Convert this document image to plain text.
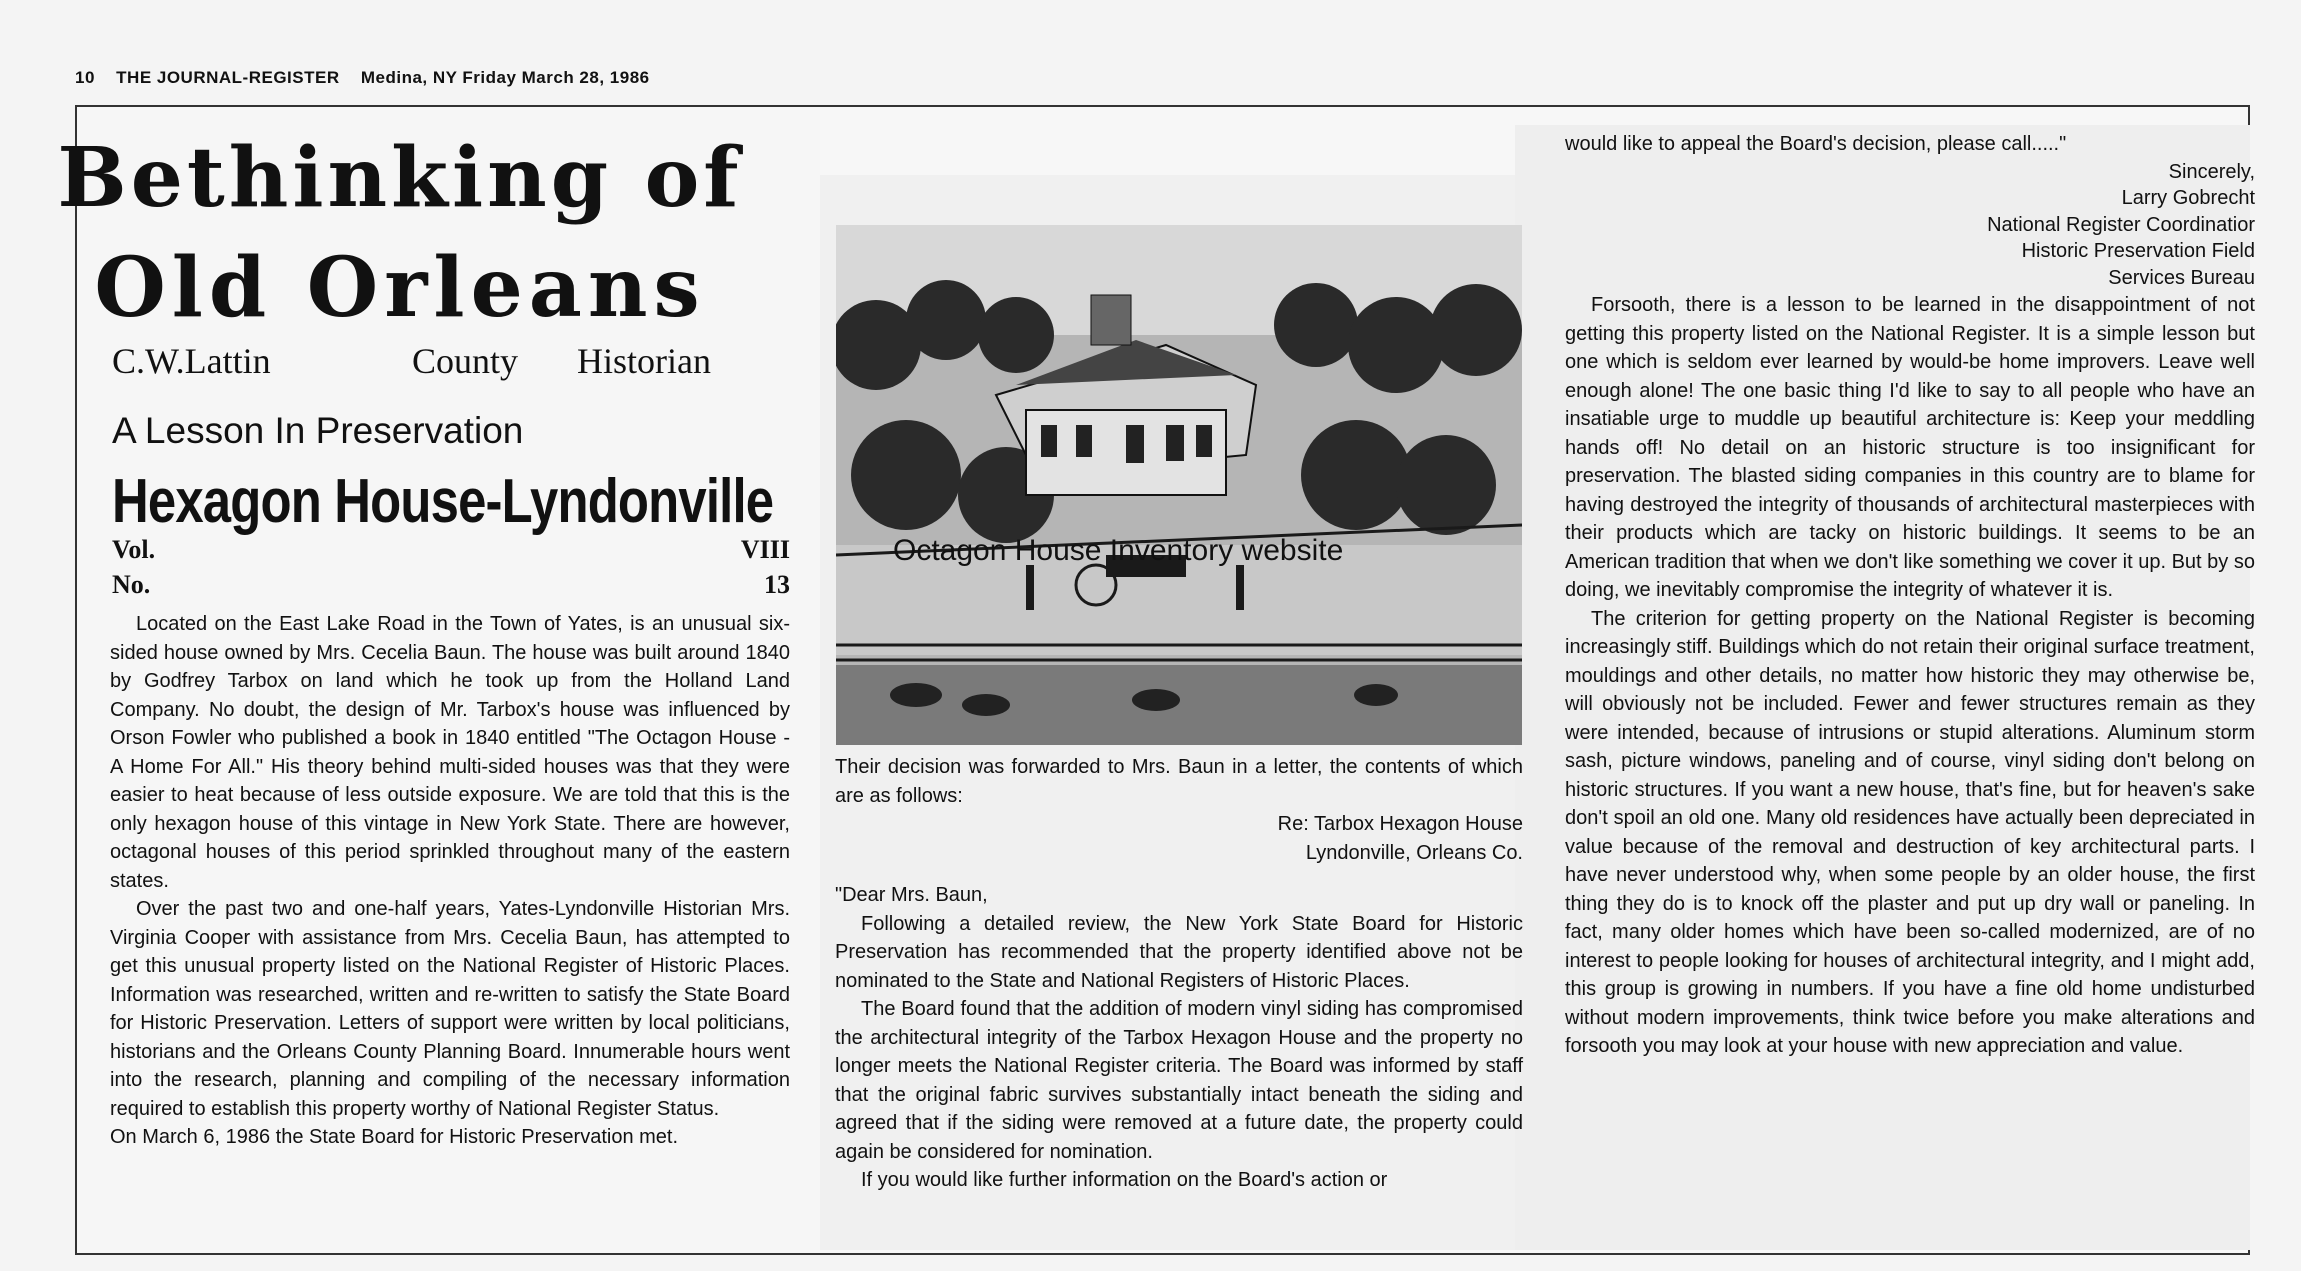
10 THE JOURNAL-REGISTER Medina, NY Friday March 28, 1986
Bethinking of
Old Orleans
C.W.Lattin	County Historian
A Lesson In Preservation
Hexagon House-Lyndonville
Vol.	VIII
No.	13

Located on the East Lake Road in the Town of Yates, is an unusual six-sided house owned by Mrs. Cecelia Baun. The house was built around 1840 by Godfrey Tarbox on land which he took up from the Holland Land Company. No doubt, the design of Mr. Tarbox's house was influenced by Orson Fowler who published a book in 1840 entitled "The Octagon House - A Home For All." His theory behind multi-sided houses was that they were easier to heat because of less outside exposure. We are told that this is the only hexagon house of this vintage in New York State. There are however, octagonal houses of this period sprinkled throughout many of the eastern states.

Over the past two and one-half years, Yates-Lyndonville Historian Mrs. Virginia Cooper with assistance from Mrs. Cecelia Baun, has attempted to get this unusual property listed on the National Register of Historic Places. Information was researched, written and re-written to satisfy the State Board for Historic Preservation. Letters of support were written by local politicians, historians and the Orleans County Planning Board. Innumerable hours went into the research, planning and compiling of the necessary information required to establish this property worthy of National Register Status.

On March 6, 1986 the State Board for Historic Preservation met.

Octagon House Inventory website

Their decision was forwarded to Mrs. Baun in a letter, the contents of which are as follows:

Re: Tarbox Hexagon House

Lyndonville, Orleans Co.

"Dear Mrs. Baun,

Following a detailed review, the New York State Board for Historic Preservation has recommended that the property identified above not be nominated to the State and National Registers of Historic Places.

The Board found that the addition of modern vinyl siding has compromised the architectural integrity of the Tarbox Hexagon House and the property no longer meets the National Register criteria. The Board was informed by staff that the original fabric survives substantially intact beneath the siding and agreed that if the siding were removed at a future date, the property could again be considered for nomination.

If you would like further information on the Board's action or

would like to appeal the Board's decision, please call....."

Sincerely,

Larry Gobrecht

National Register Coordinatior

Historic Preservation Field

Services Bureau

Forsooth, there is a lesson to be learned in the disappointment of not getting this property listed on the National Register. It is a simple lesson but one which is seldom ever learned by would-be home improvers. Leave well enough alone! The one basic thing I'd like to say to all people who have an insatiable urge to muddle up beautiful architecture is: Keep your meddling hands off! No detail on an historic structure is too insignificant for preservation. The blasted siding companies in this country are to blame for having destroyed the integrity of thousands of architectural masterpieces with their products which are tacky on historic buildings. It seems to be an American tradition that when we don't like something we cover it up. But by so doing, we inevitably compromise the integrity of whatever it is.

The criterion for getting property on the National Register is becoming increasingly stiff. Buildings which do not retain their original surface treatment, mouldings and other details, no matter how historic they may otherwise be, will obviously not be included. Fewer and fewer structures remain as they were intended, because of intrusions or stupid alterations. Aluminum storm sash, picture windows, paneling and of course, vinyl siding don't belong on historic structures. If you want a new house, that's fine, but for heaven's sake don't spoil an old one. Many old residences have actually been depreciated in value because of the removal and destruction of key architectural parts. I have never understood why, when some people by an older house, the first thing they do is to knock off the plaster and put up dry wall or paneling. In fact, many older homes which have been so-called modernized, are of no interest to people looking for houses of architectural integrity, and I might add, this group is growing in numbers. If you have a fine old home undisturbed without modern improvements, think twice before you make alterations and forsooth you may look at your house with new appreciation and value.
